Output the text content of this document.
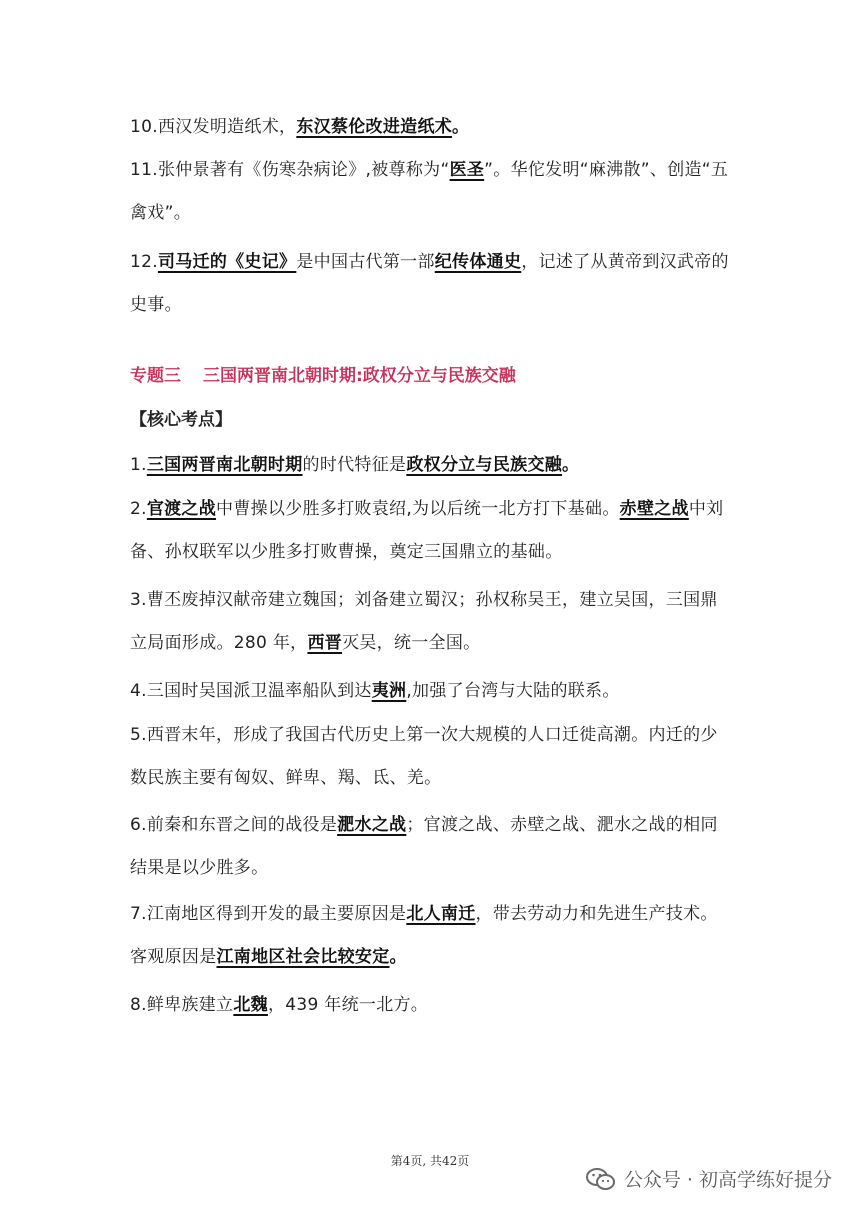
10.西汉发明造纸术，东汉蔡伦改进造纸术。

11.张仲景著有《伤寒杂病论》,被尊称为“医圣”。华佗发明“麻沸散”、创造“五禽戏”。

12.司马迁的《史记》是中国古代第一部纪传体通史，记述了从黄帝到汉武帝的史事。

专题三 三国两晋南北朝时期:政权分立与民族交融
【核心考点】

1.三国两晋南北朝时期的时代特征是政权分立与民族交融。

2.官渡之战中曹操以少胜多打败袁绍,为以后统一北方打下基础。赤壁之战中刘备、孙权联军以少胜多打败曹操，奠定三国鼎立的基础。

3.曹丕废掉汉献帝建立魏国；刘备建立蜀汉；孙权称吴王，建立吴国，三国鼎立局面形成。280 年，西晋灭吴，统一全国。

4.三国时吴国派卫温率船队到达夷洲,加强了台湾与大陆的联系。

5.西晋末年，形成了我国古代历史上第一次大规模的人口迁徙高潮。内迁的少数民族主要有匈奴、鲜卑、羯、氐、羌。

6.前秦和东晋之间的战役是淝水之战；官渡之战、赤壁之战、淝水之战的相同结果是以少胜多。

7.江南地区得到开发的最主要原因是北人南迁，带去劳动力和先进生产技术。客观原因是江南地区社会比较安定。

8.鲜卑族建立北魏，439 年统一北方。

第4页, 共42页
公众号 · 初高学练好提分
